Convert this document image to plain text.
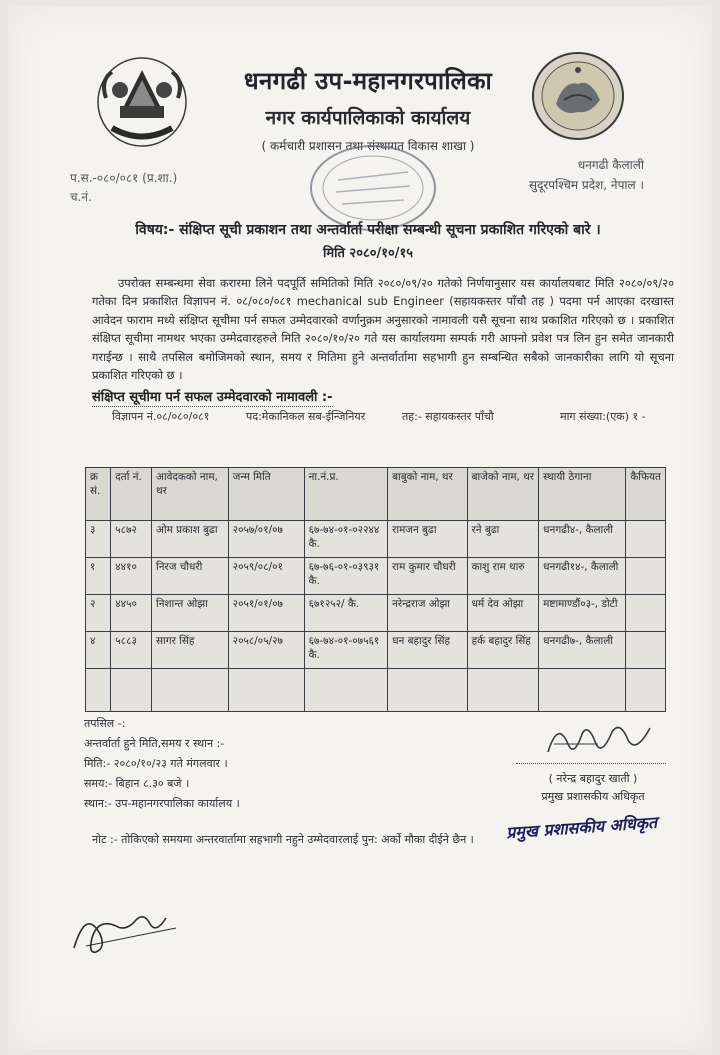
धनगढी उप-महानगरपालिका
नगर कार्यपालिकाको कार्यालय
( कर्मचारी प्रशासन तथा संस्थागत विकास शाखा )
प.स.-०८०/०८१ (प्र.शा.)
च.नं.
धनगढी कैलाली
सुदूरपश्चिम प्रदेश, नेपाल ।
विषय:- संक्षिप्त सूची प्रकाशन तथा अन्तर्वार्ता परीक्षा सम्बन्धी सूचना प्रकाशित गरिएको बारे ।
मिति २०८०/१०/१५
उपरोक्त सम्बन्धमा सेवा करारमा लिने पदपूर्ति समितिको मिति २०८०/०९/२० गतेको निर्णयानुसार यस कार्यालयबाट मिति २०८०/०९/२० गतेका दिन प्रकाशित विज्ञापन नं. ०८/०८०/०८१ mechanical sub Engineer (सहायकस्तर पाँचौ तह ) पदमा पर्न आएका दरखास्त आवेदन फाराम मध्ये संक्षिप्त सूचीमा पर्न सफल उम्मेदवारको वर्णानुक्रम अनुसारको नामावली यसै सूचना साथ प्रकाशित गरिएको छ । प्रकाशित संक्षिप्त सूचीमा नामथर भएका उम्मेदवारहरुले मिति २०८०/१०/२० गते यस कार्यालयमा सम्पर्क गरी आफ्नो प्रवेश पत्र लिन हुन समेत जानकारी गराईन्छ । साथै तपसिल बमोजिमको स्थान, समय र मितिमा हुने अन्तर्वार्तामा सहभागी हुन सम्बन्धित सबैको जानकारीका लागि यो सूचना प्रकाशित गरिएको छ ।
संक्षिप्त सूचीमा पर्न सफल उम्मेदवारको नामावली :-
विज्ञापन नं.०८/०८०/०८१	पद:मेकानिकल सब-ईन्जिनियर	तह:- सहायकस्तर पाँचौ	माग संख्या:(एक) १ -
क्र सं.	दर्ता नं.	आवेदकको नाम, थर	जन्म मिति	ना.नं.प्र.	बाबुको नाम, थर	बाजेको नाम, थर	स्थायी ठेगाना	कैफियत
३	५८७२	ओम प्रकाश बुढा	२०५७/०१/०७	६७-७४-०१-०२२४४ कै.	रामजन बुढा	रने बुढा	धनगढी४-, कैलाली	
१	४४१०	निरज चौधरी	२०५९/०८/०१	६७-७६-०१-०३९३१ कै.	राम कुमार चौधरी	काशु राम थारु	धनगढी१४-, कैलाली	
२	४४५०	निशान्त ओझा	२०५१/०१/०७	६७१२५२/ कै.	नरेन्द्रराज ओझा	धर्म देव ओझा	मष्टामाण्डौं०३-, डोटी	
४	५८८३	सागर सिंह	२०५८/०५/२७	६७-७४-०१-०७५६१ कै.	धन बहादुर सिंह	हर्क बहादुर सिंह	धनगढी७-, कैलाली	

तपसिल -:
अन्तर्वार्ता हुने मिति,समय र स्थान :-
मिति:- २०८०/१०/२३ गते मंगलवार ।
समय:- बिहान ८.३० बजे ।
स्थान:- उप-महानगरपालिका कार्यालय ।
( नरेन्द्र बहादुर खाती )
प्रमुख प्रशासकीय अधिकृत
नोट :- तोकिएको समयमा अन्तरवार्तामा सहभागी नहुने उम्मेदवारलाई पुन: अर्को मौका दीईने छैन । प्रमुख प्रशासकीय अधिकृत
